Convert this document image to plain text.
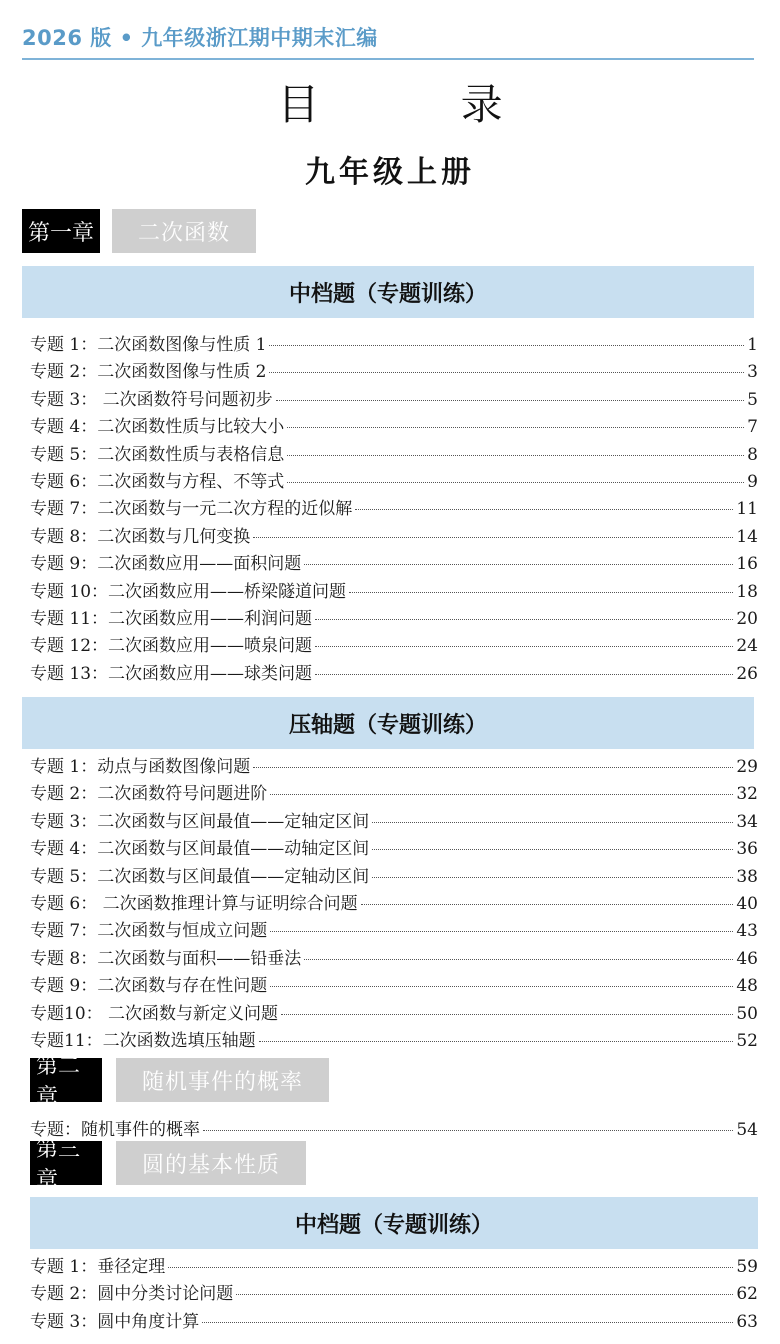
2026 版 • 九年级浙江期中期末汇编
目 录
九年级上册
第一章	二次函数
中档题（专题训练）
专题 1：二次函数图像与性质 1	1
专题 2：二次函数图像与性质 2	3
专题 3： 二次函数符号问题初步	5
专题 4：二次函数性质与比较大小	7
专题 5：二次函数性质与表格信息	8
专题 6：二次函数与方程、不等式	9
专题 7：二次函数与一元二次方程的近似解	11
专题 8：二次函数与几何变换	14
专题 9：二次函数应用——面积问题	16
专题 10：二次函数应用——桥梁隧道问题	18
专题 11：二次函数应用——利润问题	20
专题 12：二次函数应用——喷泉问题	24
专题 13：二次函数应用——球类问题	26
压轴题（专题训练）
专题 1：动点与函数图像问题	29
专题 2：二次函数符号问题进阶	32
专题 3：二次函数与区间最值——定轴定区间	34
专题 4：二次函数与区间最值——动轴定区间	36
专题 5：二次函数与区间最值——定轴动区间	38
专题 6： 二次函数推理计算与证明综合问题	40
专题 7：二次函数与恒成立问题	43
专题 8：二次函数与面积——铅垂法	46
专题 9：二次函数与存在性问题	48
专题10： 二次函数与新定义问题	50
专题11：二次函数选填压轴题	52
第二章
随机事件的概率
专题：随机事件的概率	54
第三章
圆的基本性质
中档题（专题训练）
专题 1：垂径定理	59
专题 2：圆中分类讨论问题	62
专题 3：圆中角度计算	63
